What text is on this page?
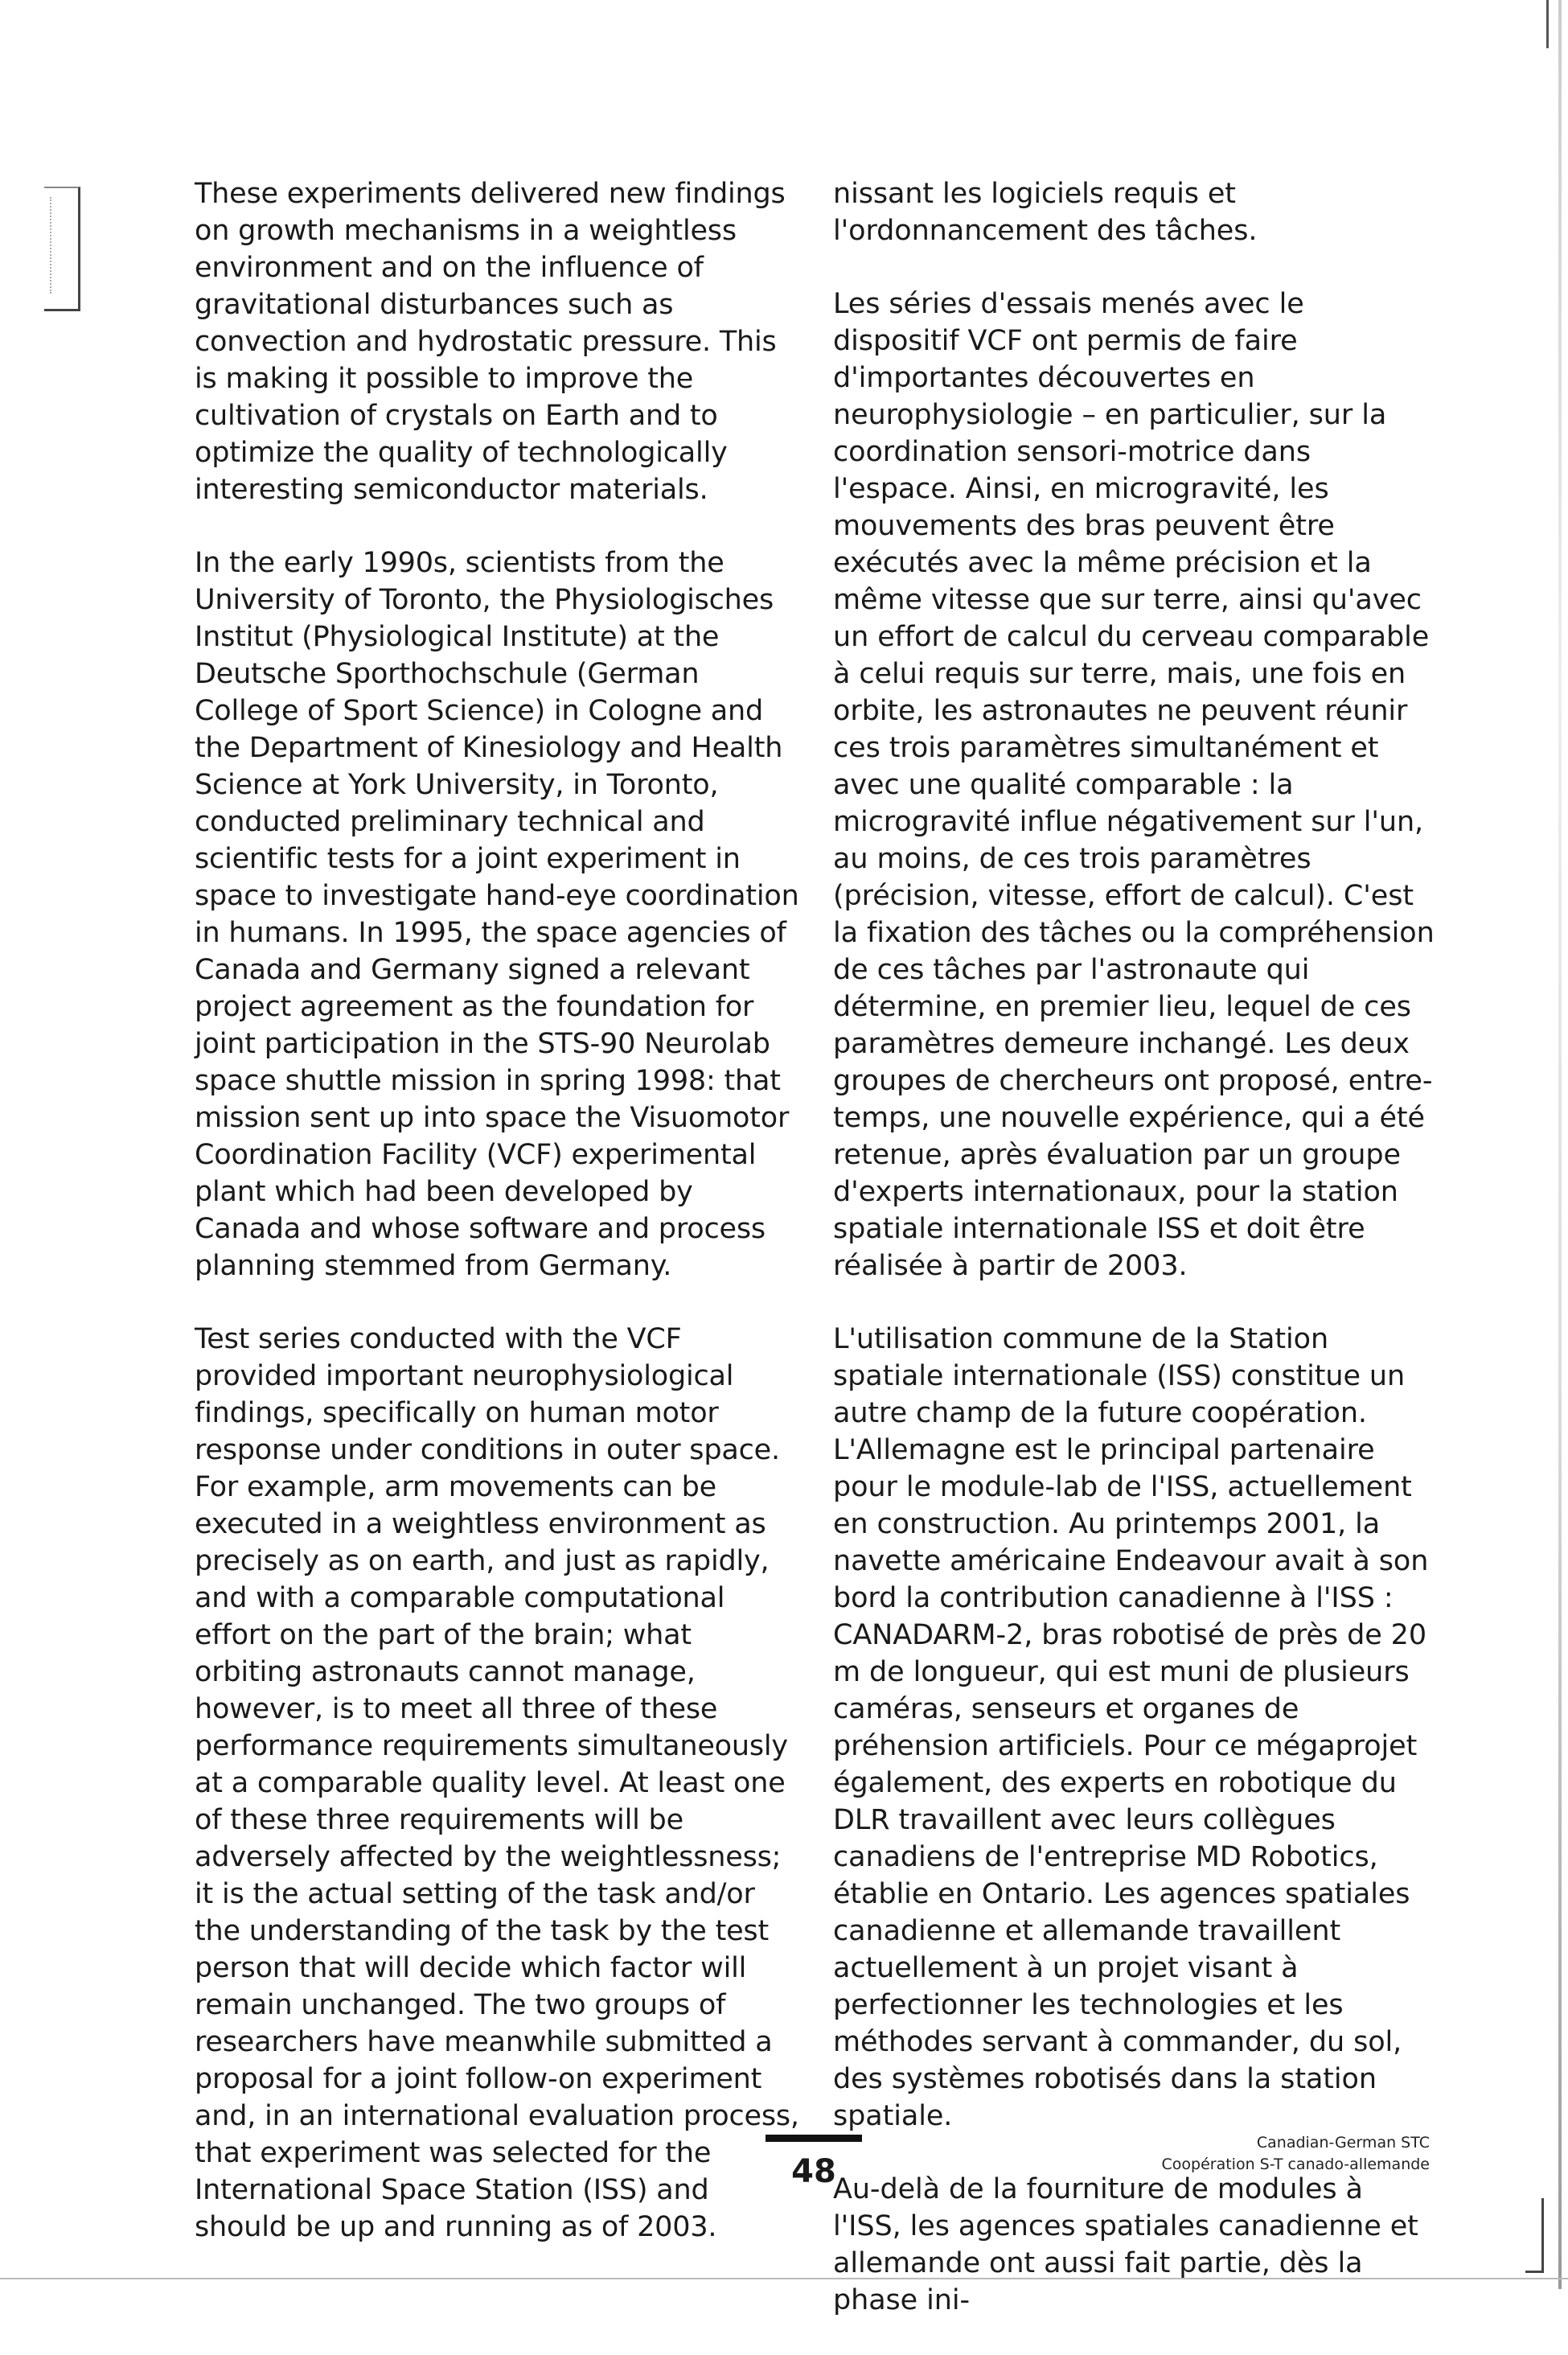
These experiments delivered new findings on growth mechanisms in a weightless environment and on the influence of gravitational disturbances such as convection and hydrostatic pressure. This is making it possible to improve the cultivation of crystals on Earth and to optimize the quality of technologically interesting semiconductor materials.

In the early 1990s, scientists from the University of Toronto, the Physiologisches Institut (Physiological Institute) at the Deutsche Sporthochschule (German College of Sport Science) in Cologne and the Department of Kinesiology and Health Science at York University, in Toronto, conducted preliminary technical and scientific tests for a joint experiment in space to investigate hand-eye coordination in humans. In 1995, the space agencies of Canada and Germany signed a relevant project agreement as the foundation for joint participation in the STS-90 Neurolab space shuttle mission in spring 1998: that mission sent up into space the Visuomotor Coordination Facility (VCF) experimental plant which had been developed by Canada and whose software and process planning stemmed from Germany.

Test series conducted with the VCF provided important neurophysiological findings, specifically on human motor response under conditions in outer space. For example, arm movements can be executed in a weightless environment as precisely as on earth, and just as rapidly, and with a comparable computational effort on the part of the brain; what orbiting astronauts cannot manage, however, is to meet all three of these performance requirements simultaneously at a comparable quality level. At least one of these three requirements will be adversely affected by the weightlessness; it is the actual setting of the task and/or the understanding of the task by the test person that will decide which factor will remain unchanged. The two groups of researchers have meanwhile submitted a proposal for a joint follow-on experiment and, in an international evaluation process, that experiment was selected for the International Space Station (ISS) and should be up and running as of 2003.

nissant les logiciels requis et l'ordonnancement des tâches.

Les séries d'essais menés avec le dispositif VCF ont permis de faire d'importantes découvertes en neurophysiologie – en particulier, sur la coordination sensori-motrice dans l'espace. Ainsi, en microgravité, les mouvements des bras peuvent être exécutés avec la même précision et la même vitesse que sur terre, ainsi qu'avec un effort de calcul du cerveau comparable à celui requis sur terre, mais, une fois en orbite, les astronautes ne peuvent réunir ces trois paramètres simultanément et avec une qualité comparable : la microgravité influe négativement sur l'un, au moins, de ces trois paramètres (précision, vitesse, effort de calcul). C'est la fixation des tâches ou la compréhension de ces tâches par l'astronaute qui détermine, en premier lieu, lequel de ces paramètres demeure inchangé. Les deux groupes de chercheurs ont proposé, entre-temps, une nouvelle expérience, qui a été retenue, après évaluation par un groupe d'experts internationaux, pour la station spatiale internationale ISS et doit être réalisée à partir de 2003.

L'utilisation commune de la Station spatiale internationale (ISS) constitue un autre champ de la future coopération. L'Allemagne est le principal partenaire pour le module-lab de l'ISS, actuellement en construction. Au printemps 2001, la navette américaine Endeavour avait à son bord la contribution canadienne à l'ISS : CANADARM-2, bras robotisé de près de 20 m de longueur, qui est muni de plusieurs caméras, senseurs et organes de préhension artificiels. Pour ce mégaprojet également, des experts en robotique du DLR travaillent avec leurs collègues canadiens de l'entreprise MD Robotics, établie en Ontario. Les agences spatiales canadienne et allemande travaillent actuellement à un projet visant à perfectionner les technologies et les méthodes servant à commander, du sol, des systèmes robotisés dans la station spatiale.

Au-delà de la fourniture de modules à l'ISS, les agences spatiales canadienne et allemande ont aussi fait partie, dès la phase ini-

48
Canadian-German STC
Coopération S-T canado-allemande
